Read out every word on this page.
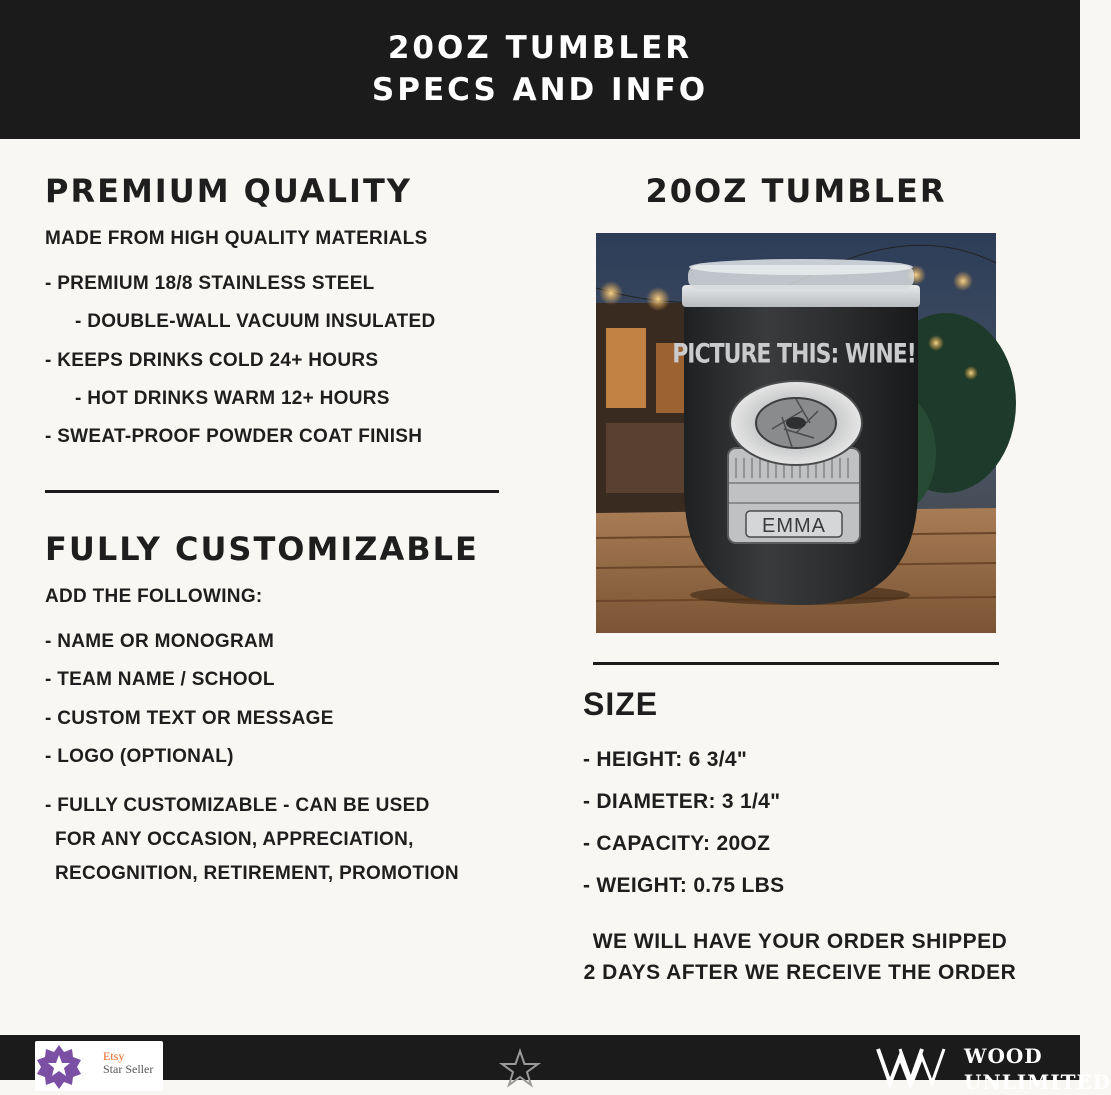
20OZ TUMBLER
SPECS AND INFO
PREMIUM QUALITY
MADE FROM HIGH QUALITY MATERIALS
- PREMIUM 18/8 STAINLESS STEEL
- DOUBLE-WALL VACUUM INSULATED
- KEEPS DRINKS COLD 24+ HOURS
- HOT DRINKS WARM 12+ HOURS
- SWEAT-PROOF POWDER COAT FINISH
FULLY CUSTOMIZABLE
ADD THE FOLLOWING:
- NAME OR MONOGRAM
- TEAM NAME / SCHOOL
- CUSTOM TEXT OR MESSAGE
- LOGO (OPTIONAL)
- FULLY CUSTOMIZABLE - CAN BE USED
FOR ANY OCCASION, APPRECIATION,
RECOGNITION, RETIREMENT, PROMOTION
20OZ TUMBLER
PICTURE THIS: WINE!
EMMA
SIZE
- HEIGHT: 6 3/4"
- DIAMETER: 3 1/4"
- CAPACITY: 20OZ
- WEIGHT: 0.75 LBS
WE WILL HAVE YOUR ORDER SHIPPED
2 DAYS AFTER WE RECEIVE THE ORDER
Etsy
Star Seller
WOOD
UNLIMITED
